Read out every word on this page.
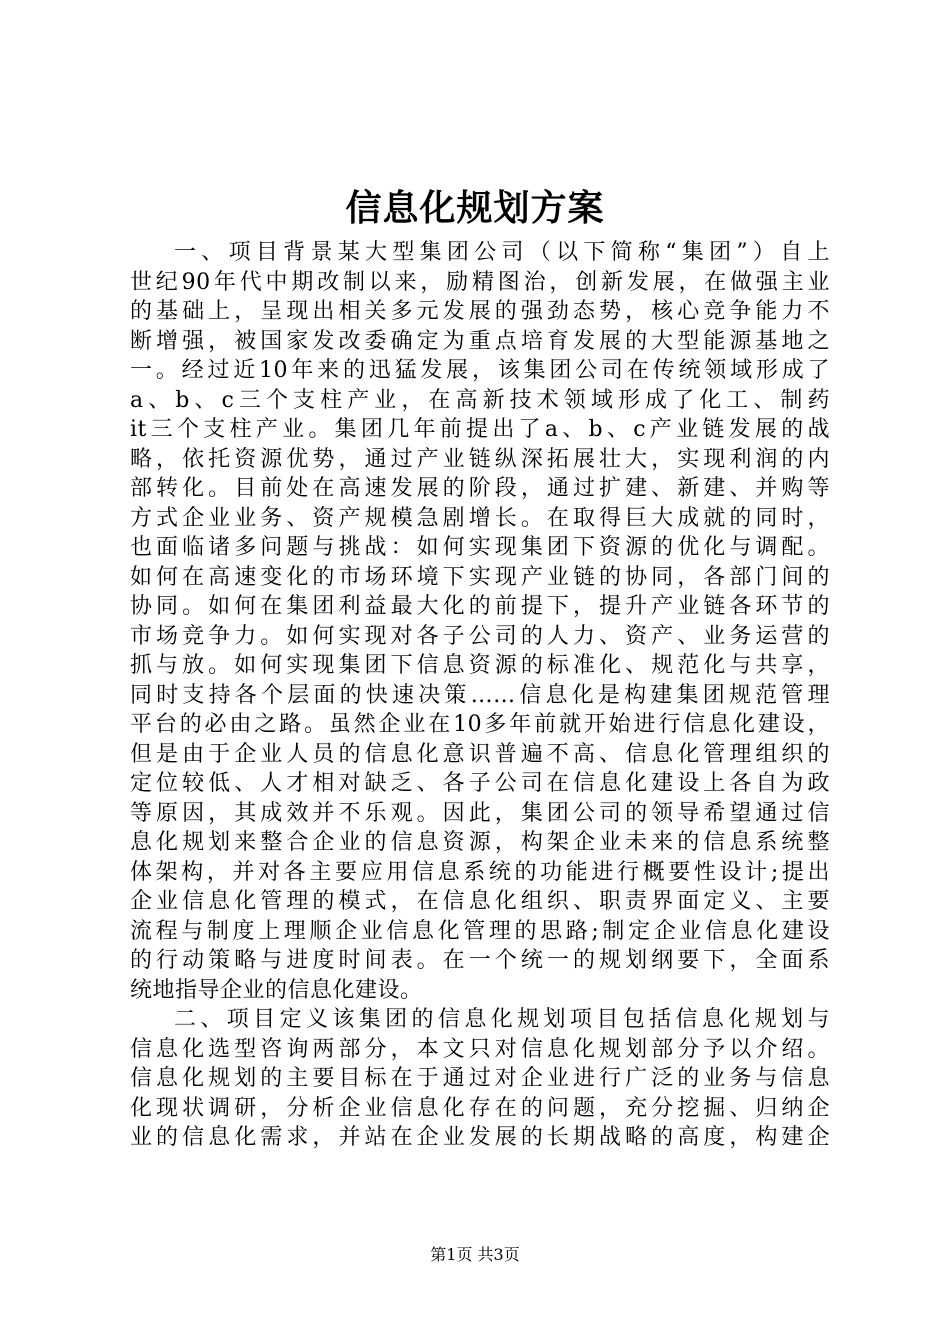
信息化规划方案
一、项目背景某大型集团公司（以下简称“集团”）自上
世纪90年代中期改制以来，励精图治，创新发展，在做强主业
的基础上，呈现出相关多元发展的强劲态势，核心竞争能力不
断增强，被国家发改委确定为重点培育发展的大型能源基地之
一。经过近10年来的迅猛发展，该集团公司在传统领域形成了
a、b、c三个支柱产业，在高新技术领域形成了化工、制药
it三个支柱产业。集团几年前提出了a、b、c产业链发展的战
略，依托资源优势，通过产业链纵深拓展壮大，实现利润的内
部转化。目前处在高速发展的阶段，通过扩建、新建、并购等
方式企业业务、资产规模急剧增长。在取得巨大成就的同时，
也面临诸多问题与挑战：如何实现集团下资源的优化与调配。
如何在高速变化的市场环境下实现产业链的协同，各部门间的
协同。如何在集团利益最大化的前提下，提升产业链各环节的
市场竞争力。如何实现对各子公司的人力、资产、业务运营的
抓与放。如何实现集团下信息资源的标准化、规范化与共享，
同时支持各个层面的快速决策……信息化是构建集团规范管理
平台的必由之路。虽然企业在10多年前就开始进行信息化建设，
但是由于企业人员的信息化意识普遍不高、信息化管理组织的
定位较低、人才相对缺乏、各子公司在信息化建设上各自为政
等原因，其成效并不乐观。因此，集团公司的领导希望通过信
息化规划来整合企业的信息资源，构架企业未来的信息系统整
体架构，并对各主要应用信息系统的功能进行概要性设计;提出
企业信息化管理的模式，在信息化组织、职责界面定义、主要
流程与制度上理顺企业信息化管理的思路;制定企业信息化建设
的行动策略与进度时间表。在一个统一的规划纲要下，全面系
统地指导企业的信息化建设。
二、项目定义该集团的信息化规划项目包括信息化规划与
信息化选型咨询两部分，本文只对信息化规划部分予以介绍。
信息化规划的主要目标在于通过对企业进行广泛的业务与信息
化现状调研，分析企业信息化存在的问题，充分挖掘、归纳企
业的信息化需求，并站在企业发展的长期战略的高度，构建企
第1页 共3页
